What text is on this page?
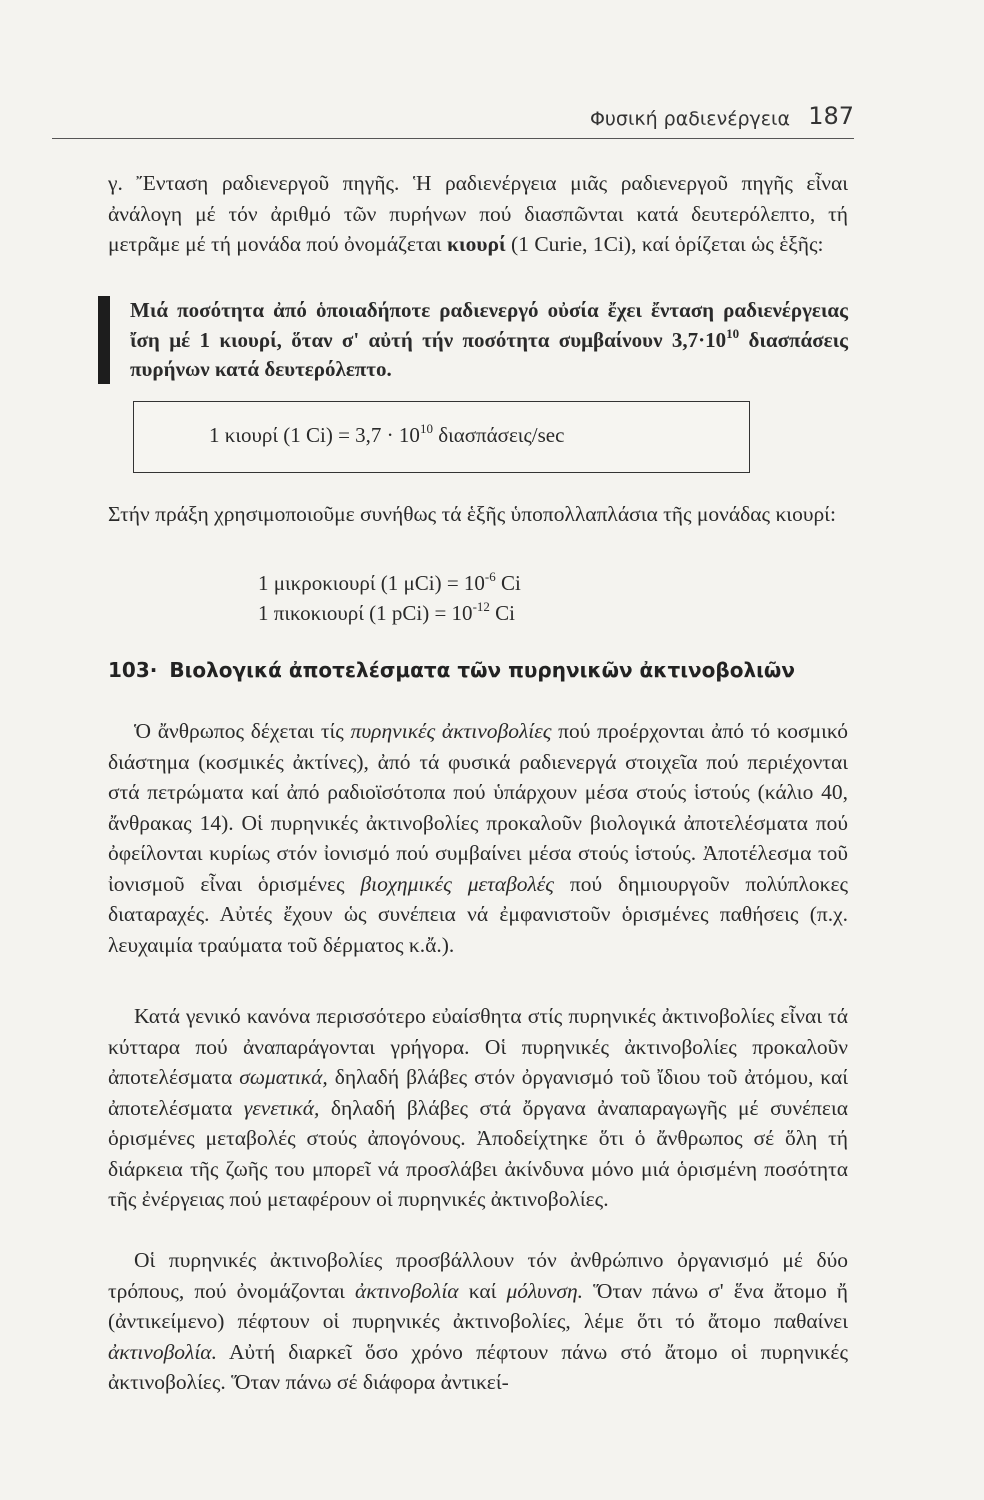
Φυσική ραδιενέργεια 187

γ. Ἔνταση ραδιενεργοῦ πηγῆς. Ἡ ραδιενέργεια μιᾶς ραδιενεργοῦ πηγῆς εἶναι ἀνάλογη μέ τόν ἀριθμό τῶν πυρήνων πού διασπῶνται κατά δευτερόλεπτο, τή μετρᾶμε μέ τή μονάδα πού ὀνομάζεται κιουρί (1 Curie, 1Ci), καί ὁρίζεται ὡς ἑξῆς:

Μιά ποσότητα ἀπό ὁποιαδήποτε ραδιενεργό οὐσία ἔχει ἔνταση ραδιενέργειας ἴση μέ 1 κιουρί, ὅταν σ' αὐτή τήν ποσότητα συμβαίνουν $3,7\cdot 10^{10}$ διασπάσεις πυρήνων κατά δευτερόλεπτο.
1 κιουρί (1 $Ci) = 3,7 \cdot 10^{10}$ διασπάσεις/sec

Στήν πράξη χρησιμοποιοῦμε συνήθως τά ἑξῆς ὑποπολλαπλάσια τῆς μονάδας κιουρί:

1 μικροκιουρί (1 $\mu Ci) = 10^{-6}$ Ci
1 πικοκιουρί (1 $pCi) = 10^{-12}$ Ci
103· Βιολογικά ἀποτελέσματα τῶν πυρηνικῶν ἀκτινοβολιῶν

Ὁ ἄνθρωπος δέχεται τίς πυρηνικές ἀκτινοβολίες πού προέρχονται ἀπό τό κοσμικό διάστημα (κοσμικές ἀκτίνες), ἀπό τά φυσικά ραδιενεργά στοιχεῖα πού περιέχονται στά πετρώματα καί ἀπό ραδιοϊσότοπα πού ὑπάρχουν μέσα στούς ἱστούς (κάλιο 40, ἄνθρακας 14). Οἱ πυρηνικές ἀκτινοβολίες προκαλοῦν βιολογικά ἀποτελέσματα πού ὀφείλονται κυρίως στόν ἰονισμό πού συμβαίνει μέσα στούς ἱστούς. Ἀποτέλεσμα τοῦ ἰονισμοῦ εἶναι ὁρισμένες βιοχημικές μεταβολές πού δημιουργοῦν πολύπλοκες διαταραχές. Αὐτές ἔχουν ὡς συνέπεια νά ἐμφανιστοῦν ὁρισμένες παθήσεις (π.χ. λευχαιμία τραύματα τοῦ δέρματος κ.ἄ.).

Κατά γενικό κανόνα περισσότερο εὐαίσθητα στίς πυρηνικές ἀκτινοβολίες εἶναι τά κύτταρα πού ἀναπαράγονται γρήγορα. Οἱ πυρηνικές ἀκτινοβολίες προκαλοῦν ἀποτελέσματα σωματικά, δηλαδή βλάβες στόν ὀργανισμό τοῦ ἴδιου τοῦ ἀτόμου, καί ἀποτελέσματα γενετικά, δηλαδή βλάβες στά ὄργανα ἀναπαραγωγῆς μέ συνέπεια ὁρισμένες μεταβολές στούς ἀπογόνους. Ἀποδείχτηκε ὅτι ὁ ἄνθρωπος σέ ὅλη τή διάρκεια τῆς ζωῆς του μπορεῖ νά προσλάβει ἀκίνδυνα μόνο μιά ὁρισμένη ποσότητα τῆς ἐνέργειας πού μεταφέρουν οἱ πυρηνικές ἀκτινοβολίες.

Οἱ πυρηνικές ἀκτινοβολίες προσβάλλουν τόν ἀνθρώπινο ὀργανισμό μέ δύο τρόπους, πού ὀνομάζονται ἀκτινοβολία καί μόλυνση. Ὅταν πάνω σ' ἕνα ἄτομο ἤ (ἀντικείμενο) πέφτουν οἱ πυρηνικές ἀκτινοβολίες, λέμε ὅτι τό ἄτομο παθαίνει ἀκτινοβολία. Αὐτή διαρκεῖ ὅσο χρόνο πέφτουν πάνω στό ἄτομο οἱ πυρηνικές ἀκτινοβολίες. Ὅταν πάνω σέ διάφορα ἀντικεί-
